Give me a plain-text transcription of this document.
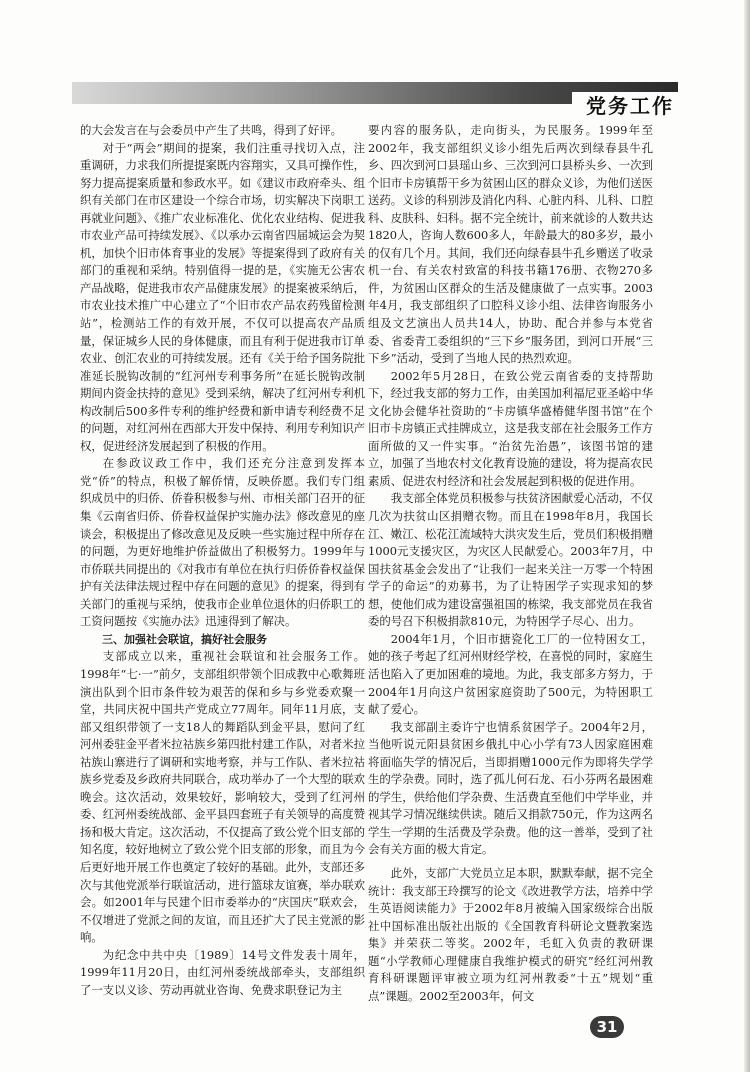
党务工作

的大会发言在与会委员中产生了共鸣，得到了好评。

对于“两会”期间的提案，我们注重寻找切入点，注重调研，力求我们所提提案既内容翔实，又具可操作性，努力提高提案质量和参政水平。如《建议市政府牵头、组织有关部门在市区建设一个综合市场，切实解决下岗职工再就业问题》、《推广农业标准化、优化农业结构、促进我市农业产品可持续发展》、《以承办云南省四届城运会为契机，加快个旧市体育事业的发展》等提案得到了政府有关部门的重视和采纳。特别值得一提的是，《实施无公害农产品战略，促进我市农产品健康发展》的提案被采纳后，市农业技术推广中心建立了“个旧市农产品农药残留检测站”，检测站工作的有效开展，不仅可以提高农产品质量，保证城乡人民的身体健康，而且有利于促进我市订单农业、创汇农业的可持续发展。还有《关于给予国务院批准延长脱钩改制的“红河州专利事务所”在延长脱钩改制期间内资金扶持的意见》受到采纳，解决了红河州专利机构改制后500多件专利的维护经费和新申请专利经费不足的问题，对红河州在西部大开发中保持、利用专利知识产权，促进经济发展起到了积极的作用。

在参政议政工作中，我们还充分注意到发挥本党“侨”的特点，积极了解侨情，反映侨愿。我们专门组织成员中的归侨、侨眷积极参与州、市相关部门召开的征集《云南省归侨、侨眷权益保护实施办法》修改意见的座谈会，积极提出了修改意见及反映一些实施过程中所存在的问题，为更好地维护侨益做出了积极努力。1999年与市侨联共同提出的《对我市有单位在执行归侨侨眷权益保护有关法律法规过程中存在问题的意见》的提案，得到有关部门的重视与采纳，使我市企业单位退休的归侨职工的工资问题按《实施办法》迅速得到了解决。

三、加强社会联谊，搞好社会服务

支部成立以来，重视社会联谊和社会服务工作。1998年“七·一”前夕，支部组织带领个旧成教中心歌舞班演出队到个旧市条件较为艰苦的保和乡与乡党委欢聚一堂，共同庆祝中国共产党成立77周年。同年11月底，支部又组织带领了一支18人的舞蹈队到金平县，慰问了红河州委驻金平者米拉祜族乡第四批村建工作队，对者米拉祜族山寨进行了调研和实地考察，并与工作队、者米拉祜族乡党委及乡政府共同联合，成功举办了一个大型的联欢晚会。这次活动，效果较好，影响较大，受到了红河州委、红河州委统战部、金平县四套班子有关领导的高度赞扬和极大肯定。这次活动，不仅提高了致公党个旧支部的知名度，较好地树立了致公党个旧支部的形象，而且为今后更好地开展工作也奠定了较好的基础。此外，支部还多次与其他党派举行联谊活动，进行篮球友谊赛，举办联欢会。如2001年与民建个旧市委举办的“庆国庆”联欢会，不仅增进了党派之间的友谊，而且还扩大了民主党派的影响。

为纪念中共中央〔1989〕14号文件发表十周年，1999年11月20日，由红河州委统战部牵头，支部组织了一支以义诊、劳动再就业咨询、免费求职登记为主

要内容的服务队，走向街头，为民服务。1999年至2002年，我支部组织义诊小组先后两次到绿春县牛孔乡、四次到河口县瑶山乡、三次到河口县桥头乡、一次到个旧市卡房镇帮干乡为贫困山区的群众义诊，为他们送医送药。义诊的科别涉及消化内科、心脏内科、儿科、口腔科、皮肤科、妇科。据不完全统计，前来就诊的人数共达1820人，咨询人数600多人，年龄最大的80多岁，最小的仅有几个月。其间，我们还向绿春县牛孔乡赠送了收录机一台、有关农村致富的科技书籍176册、衣物270多件，为贫困山区群众的生活及健康做了一点实事。2003年4月，我支部组织了口腔科义诊小组、法律咨询服务小组及文艺演出人员共14人，协助、配合并参与本党省委、省委青工委组织的“三下乡”服务团，到河口开展“三下乡”活动，受到了当地人民的热烈欢迎。

2002年5月28日，在致公党云南省委的支持帮助下，经过我支部的努力工作，由美国加利福尼亚圣峪中华文化协会健华社资助的“卡房镇华盛椿健华图书馆”在个旧市卡房镇正式挂牌成立，这是我支部在社会服务工作方面所做的又一件实事。“治贫先治愚”，该图书馆的建立，加强了当地农村文化教育设施的建设，将为提高农民素质、促进农村经济和社会发展起到积极的促进作用。

我支部全体党员积极参与扶贫济困献爱心活动，不仅几次为扶贫山区捐赠衣物。而且在1998年8月，我国长江、嫩江、松花江流域特大洪灾发生后，党员们积极捐赠1000元支援灾区，为灾区人民献爱心。2003年7月，中国扶贫基金会发出了“让我们一起来关注一万零一个特困学子的命运”的劝募书，为了让特困学子实现求知的梦想，使他们成为建设富强祖国的栋梁，我支部党员在我省委的号召下积极捐款810元，为特困学子尽心、出力。

2004年1月，个旧市搪瓷化工厂的一位特困女工，她的孩子考起了红河州财经学校，在喜悦的同时，家庭生活也陷入了更加困难的境地。为此，我支部多方努力，于2004年1月向这户贫困家庭资助了500元，为特困职工献了爱心。

我支部副主委许宁也情系贫困学子。2004年2月，当他听说元阳县贫困乡俄扎中心小学有73人因家庭困难将面临失学的情况后，当即捐赠1000元作为即将失学学生的学杂费。同时，选了孤儿何石龙、石小芬两名最困难的学生，供给他们学杂费、生活费直至他们中学毕业，并视其学习情况继续供读。随后又捐款750元，作为这两名学生一学期的生活费及学杂费。他的这一善举，受到了社会有关方面的极大肯定。

此外，支部广大党员立足本职，默默奉献，据不完全统计：我支部王玲撰写的论文《改进教学方法，培养中学生英语阅读能力》于2002年8月被编入国家级综合出版社中国标准出版社出版的《全国教育科研论文暨教案选集》并荣获二等奖。2002年，毛虹入负责的教研课题“小学教师心理健康自我维护模式的研究”经红河州教育科研课题评审被立项为红河州教委“十五”规划“重点”课题。2002至2003年，何文

31
